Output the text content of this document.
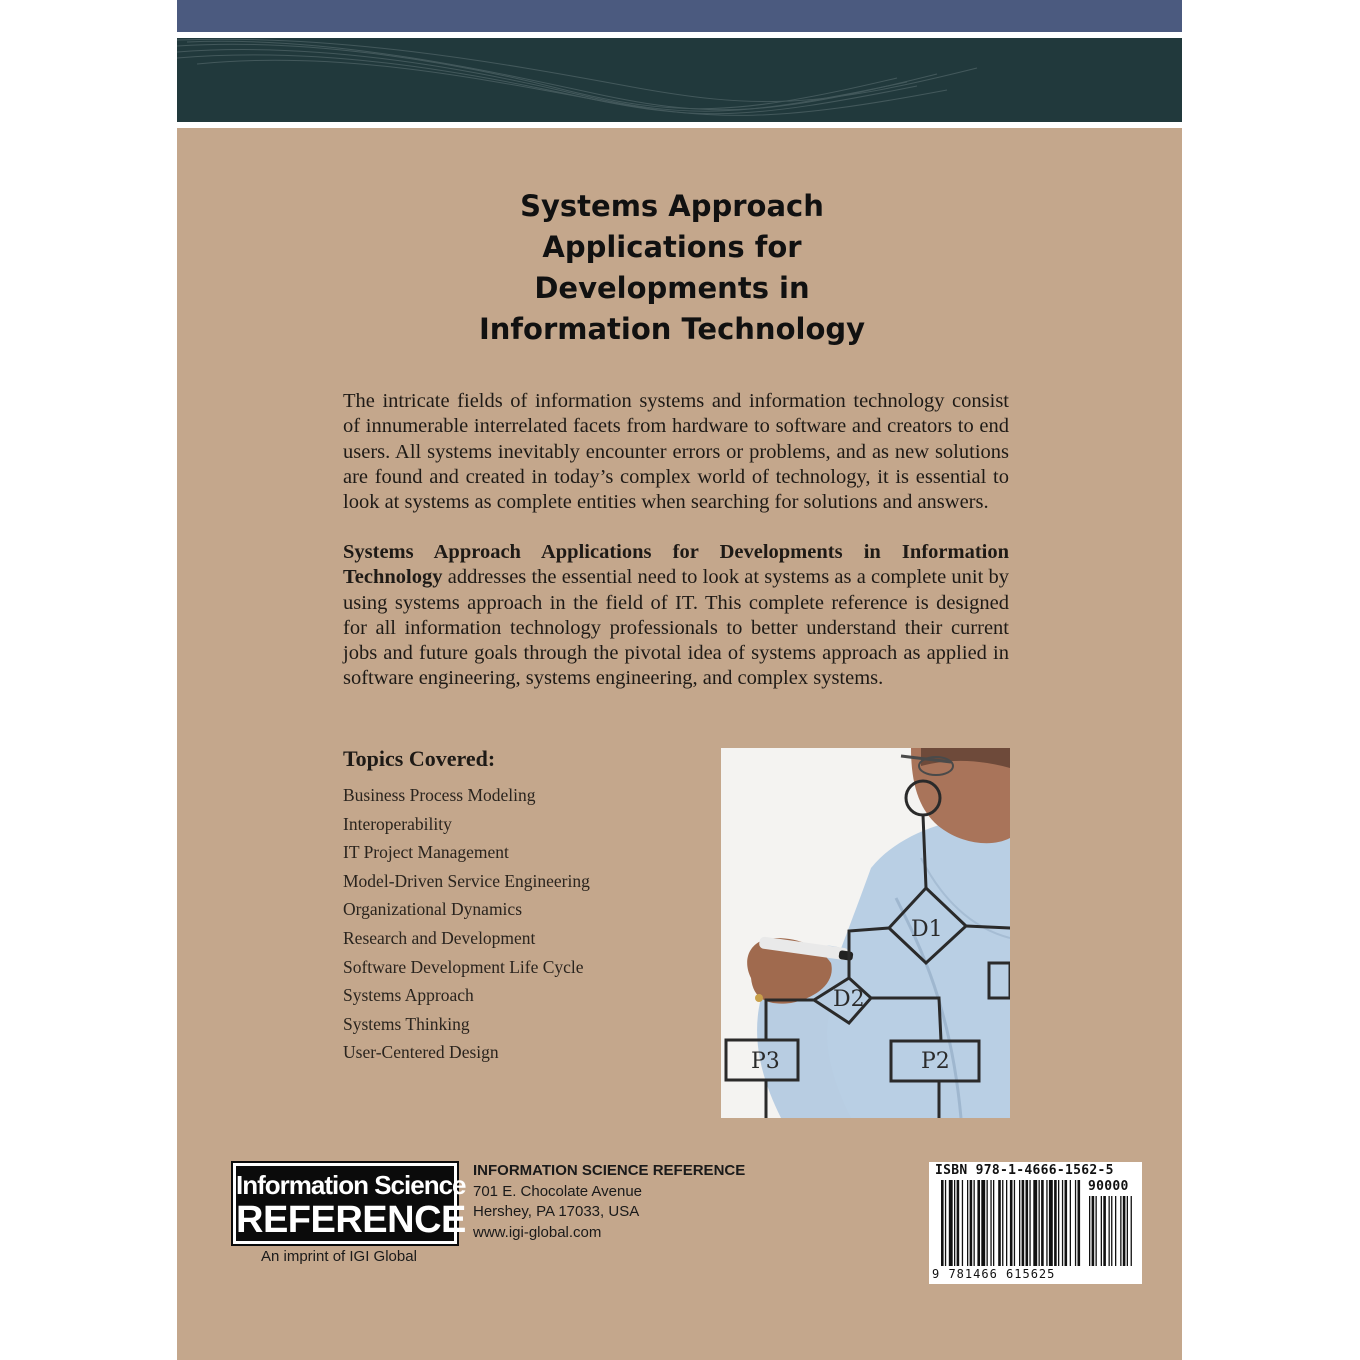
Systems Approach
Applications for
Developments in
Information Technology

The intricate fields of information systems and information technology consist of innumerable interrelated facets from hardware to software and creators to end users. All systems inevitably encounter errors or problems, and as new solutions are found and created in today’s complex world of technology, it is essential to look at systems as complete entities when searching for solutions and answers.

Systems Approach Applications for Developments in Information Technology addresses the essential need to look at systems as a complete unit by using systems approach in the field of IT. This complete reference is designed for all information technology professionals to better understand their current jobs and future goals through the pivotal idea of systems approach as applied in software engineering, systems engineering, and complex systems.

Topics Covered:
Business Process Modeling
Interoperability
IT Project Management
Model-Driven Service Engineering
Organizational Dynamics
Research and Development
Software Development Life Cycle
Systems Approach
Systems Thinking
User-Centered Design
D1
D2
P2
P3
Information Science
REFERENCE

An imprint of IGI Global

INFORMATION SCIENCE REFERENCE
701 E. Chocolate Avenue
Hershey, PA 17033, USA
www.igi-global.com

ISBN 978-1-4666-1562-5
90000
9 781466 615625
